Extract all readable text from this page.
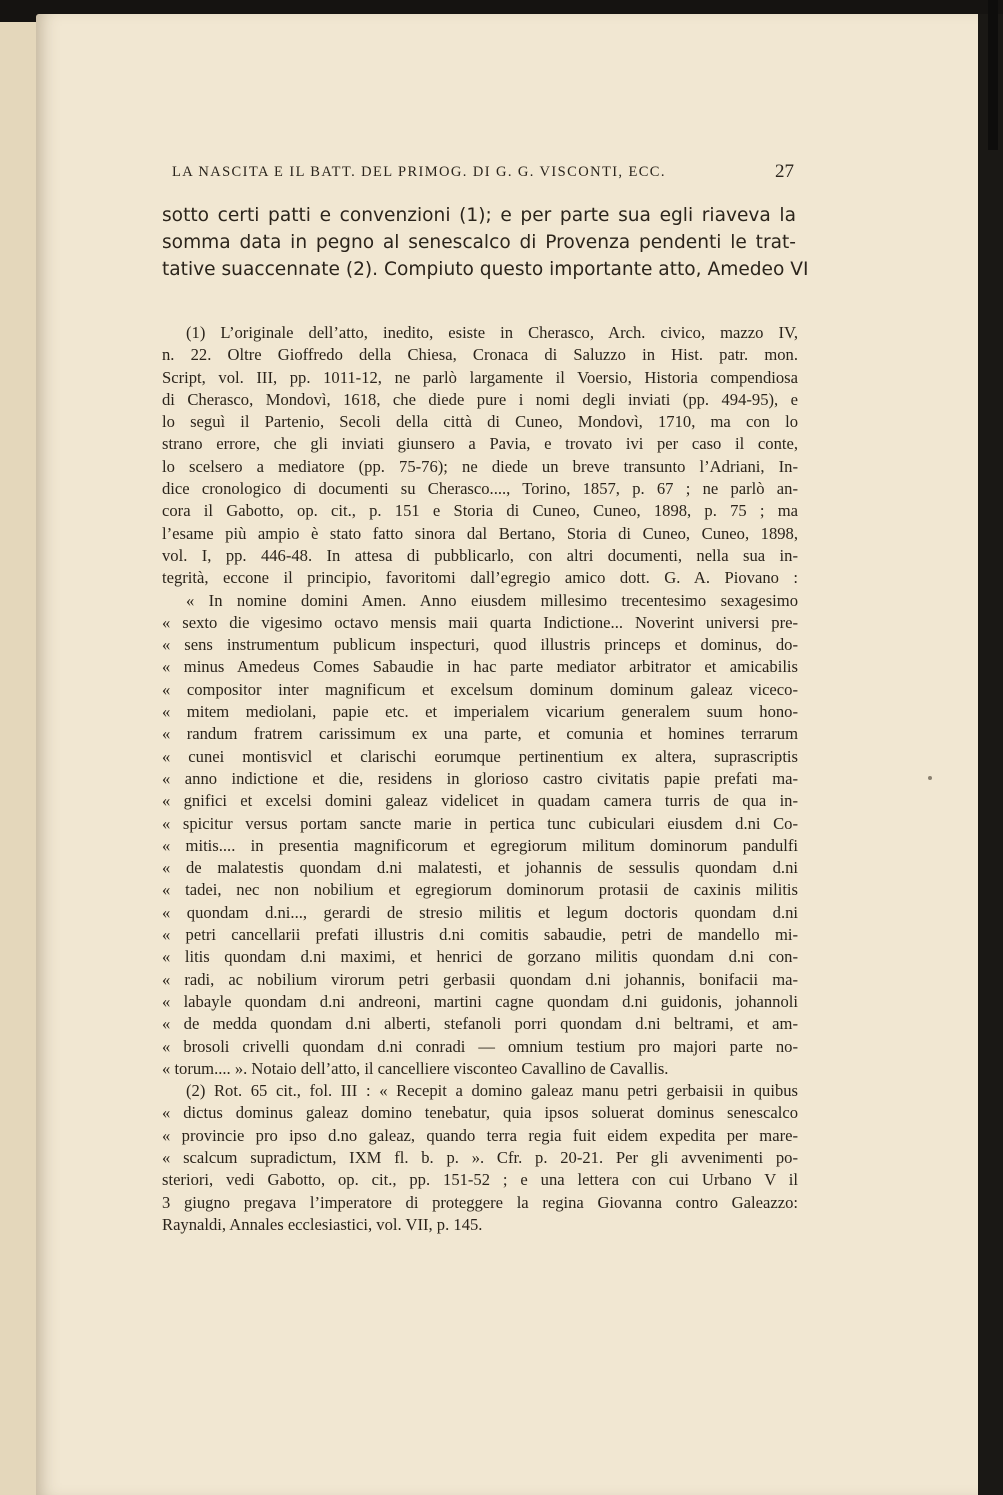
LA NASCITA E IL BATT. DEL PRIMOG. DI G. G. VISCONTI, ECC.	27
sotto certi patti e convenzioni (1); e per parte sua egli riaveva la
somma data in pegno al senescalco di Provenza pendenti le trat-
tative suaccennate (2). Compiuto questo importante atto, Amedeo VI
(1) L’originale dell’atto, inedito, esiste in Cherasco, Arch. civico, mazzo IV,
n. 22. Oltre Gioffredo della Chiesa, Cronaca di Saluzzo in Hist. patr. mon.
Script, vol. III, pp. 1011-12, ne parlò largamente il Voersio, Historia compendiosa
di Cherasco, Mondovì, 1618, che diede pure i nomi degli inviati (pp. 494-95), e
lo seguì il Partenio, Secoli della città di Cuneo, Mondovì, 1710, ma con lo
strano errore, che gli inviati giunsero a Pavia, e trovato ivi per caso il conte,
lo scelsero a mediatore (pp. 75-76); ne diede un breve transunto l’Adriani, In-
dice cronologico di documenti su Cherasco...., Torino, 1857, p. 67 ; ne parlò an-
cora il Gabotto, op. cit., p. 151 e Storia di Cuneo, Cuneo, 1898, p. 75 ; ma
l’esame più ampio è stato fatto sinora dal Bertano, Storia di Cuneo, Cuneo, 1898,
vol. I, pp. 446-48. In attesa di pubblicarlo, con altri documenti, nella sua in-
tegrità, eccone il principio, favoritomi dall’egregio amico dott. G. A. Piovano :
« In nomine domini Amen. Anno eiusdem millesimo trecentesimo sexagesimo
« sexto die vigesimo octavo mensis maii quarta Indictione... Noverint universi pre-
« sens instrumentum publicum inspecturi, quod illustris princeps et dominus, do-
« minus Amedeus Comes Sabaudie in hac parte mediator arbitrator et amicabilis
« compositor inter magnificum et excelsum dominum dominum galeaz viceco-
« mitem mediolani, papie etc. et imperialem vicarium generalem suum hono-
« randum fratrem carissimum ex una parte, et comunia et homines terrarum
« cunei montisvicl et clarischi eorumque pertinentium ex altera, suprascriptis
« anno indictione et die, residens in glorioso castro civitatis papie prefati ma-
« gnifici et excelsi domini galeaz videlicet in quadam camera turris de qua in-
« spicitur versus portam sancte marie in pertica tunc cubiculari eiusdem d.ni Co-
« mitis.... in presentia magnificorum et egregiorum militum dominorum pandulfi
« de malatestis quondam d.ni malatesti, et johannis de sessulis quondam d.ni
« tadei, nec non nobilium et egregiorum dominorum protasii de caxinis militis
« quondam d.ni..., gerardi de stresio militis et legum doctoris quondam d.ni
« petri cancellarii prefati illustris d.ni comitis sabaudie, petri de mandello mi-
« litis quondam d.ni maximi, et henrici de gorzano militis quondam d.ni con-
« radi, ac nobilium virorum petri gerbasii quondam d.ni johannis, bonifacii ma-
« labayle quondam d.ni andreoni, martini cagne quondam d.ni guidonis, johannoli
« de medda quondam d.ni alberti, stefanoli porri quondam d.ni beltrami, et am-
« brosoli crivelli quondam d.ni conradi — omnium testium pro majori parte no-
« torum.... ». Notaio dell’atto, il cancelliere visconteo Cavallino de Cavallis.
(2) Rot. 65 cit., fol. III : « Recepit a domino galeaz manu petri gerbaisii in quibus
« dictus dominus galeaz domino tenebatur, quia ipsos soluerat dominus senescalco
« provincie pro ipso d.no galeaz, quando terra regia fuit eidem expedita per mare-
« scalcum supradictum, IXM fl. b. p. ». Cfr. p. 20-21. Per gli avvenimenti po-
steriori, vedi Gabotto, op. cit., pp. 151-52 ; e una lettera con cui Urbano V il
3 giugno pregava l’imperatore di proteggere la regina Giovanna contro Galeazzo:
Raynaldi, Annales ecclesiastici, vol. VII, p. 145.
